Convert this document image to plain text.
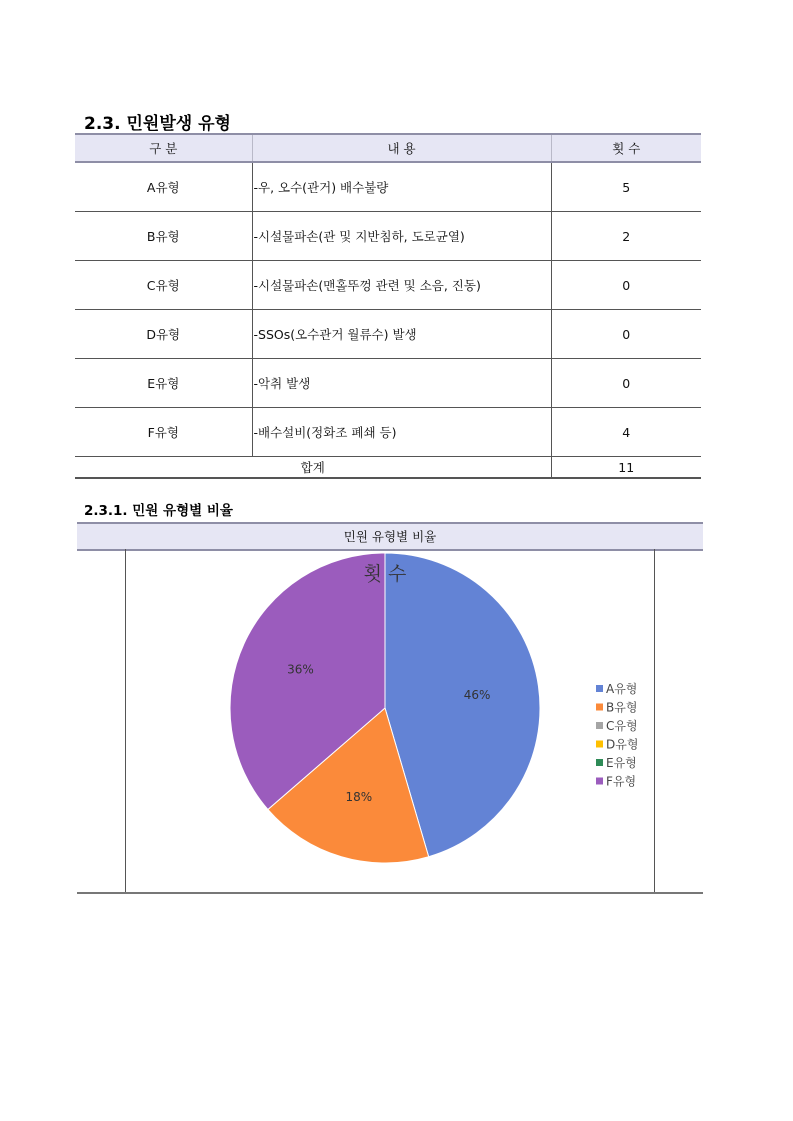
2.3. 민원발생 유형
구 분	내 용	횟 수
A유형	-우, 오수(관거) 배수불량	5
B유형	-시설물파손(관 및 지반침하, 도로균열)	2
C유형	-시설물파손(맨홀뚜껑 관련 및 소음, 진동)	0
D유형	-SSOs(오수관거 월류수) 발생	0
E유형	-악취 발생	0
F유형	-배수설비(정화조 폐쇄 등)	4
합계		11
2.3.1. 민원 유형별 비율
민원 유형별 비율
46%
18%
36%
횟 수
A유형
B유형
C유형
D유형
E유형
F유형
